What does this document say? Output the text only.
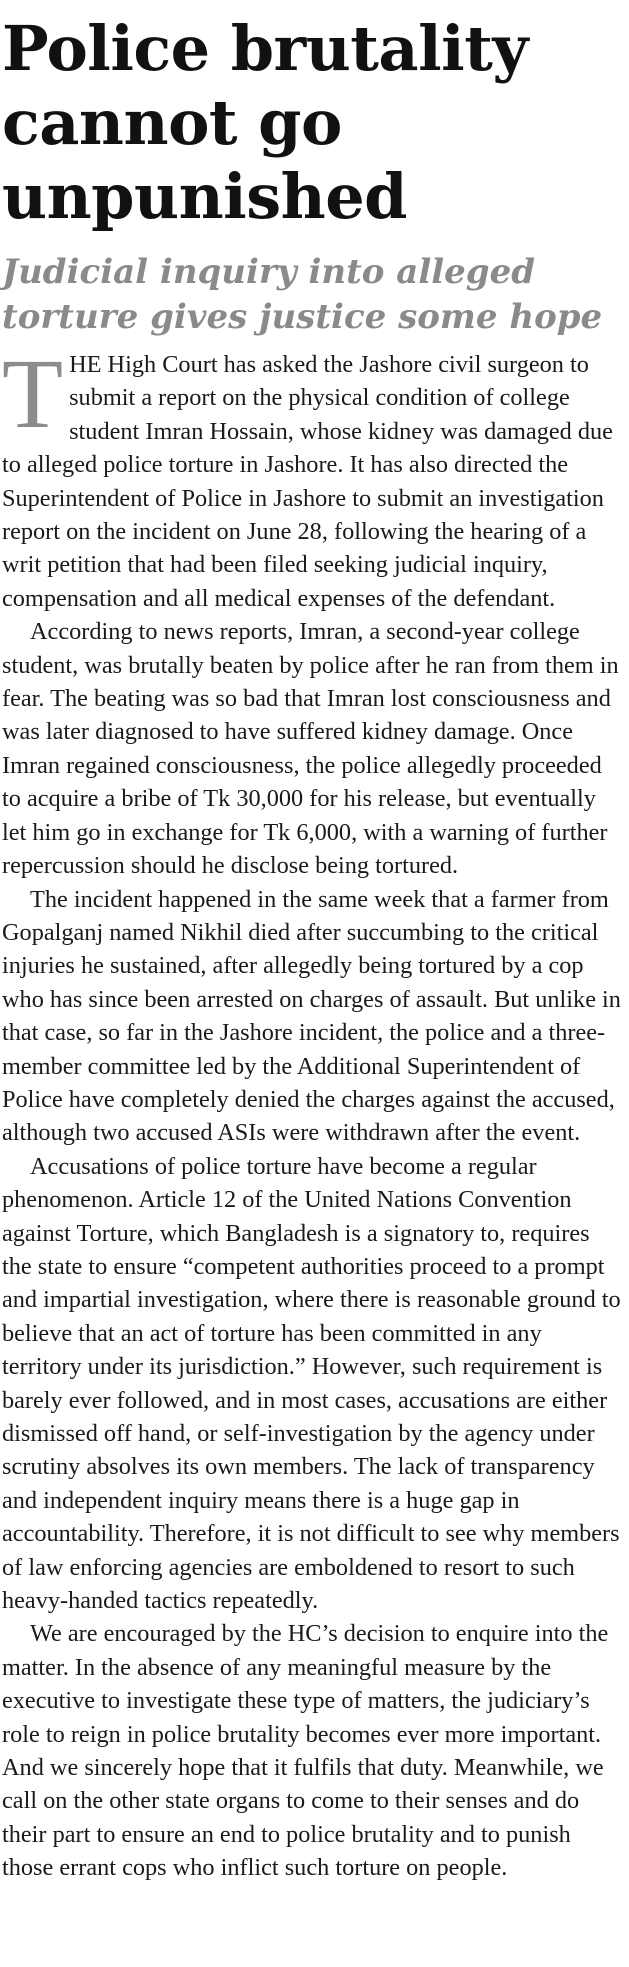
Police brutality cannot go unpunished
Judicial inquiry into alleged torture gives justice some hope

THE High Court has asked the Jashore civil surgeon to submit a report on the physical condition of college student Imran Hossain, whose kidney was damaged due to alleged police torture in Jashore. It has also directed the Superintendent of Police in Jashore to submit an investigation report on the incident on June 28, following the hearing of a writ petition that had been filed seeking judicial inquiry, compensation and all medical expenses of the defendant.

According to news reports, Imran, a second-year college student, was brutally beaten by police after he ran from them in fear. The beating was so bad that Imran lost consciousness and was later diagnosed to have suffered kidney damage. Once Imran regained consciousness, the police allegedly proceeded to acquire a bribe of Tk 30,000 for his release, but eventually let him go in exchange for Tk 6,000, with a warning of further repercussion should he disclose being tortured.

The incident happened in the same week that a farmer from Gopalganj named Nikhil died after succumbing to the critical injuries he sustained, after allegedly being tortured by a cop who has since been arrested on charges of assault. But unlike in that case, so far in the Jashore incident, the police and a three-member committee led by the Additional Superintendent of Police have completely denied the charges against the accused, although two accused ASIs were withdrawn after the event.

Accusations of police torture have become a regular phenomenon. Article 12 of the United Nations Convention against Torture, which Bangladesh is a signatory to, requires the state to ensure “competent authorities proceed to a prompt and impartial investigation, where there is reasonable ground to believe that an act of torture has been committed in any territory under its jurisdiction.” However, such requirement is barely ever followed, and in most cases, accusations are either dismissed off hand, or self-investigation by the agency under scrutiny absolves its own members. The lack of transparency and independent inquiry means there is a huge gap in accountability. Therefore, it is not difficult to see why members of law enforcing agencies are emboldened to resort to such heavy-handed tactics repeatedly.

We are encouraged by the HC’s decision to enquire into the matter. In the absence of any meaningful measure by the executive to investigate these type of matters, the judiciary’s role to reign in police brutality becomes ever more important. And we sincerely hope that it fulfils that duty. Meanwhile, we call on the other state organs to come to their senses and do their part to ensure an end to police brutality and to punish those errant cops who inflict such torture on people.
